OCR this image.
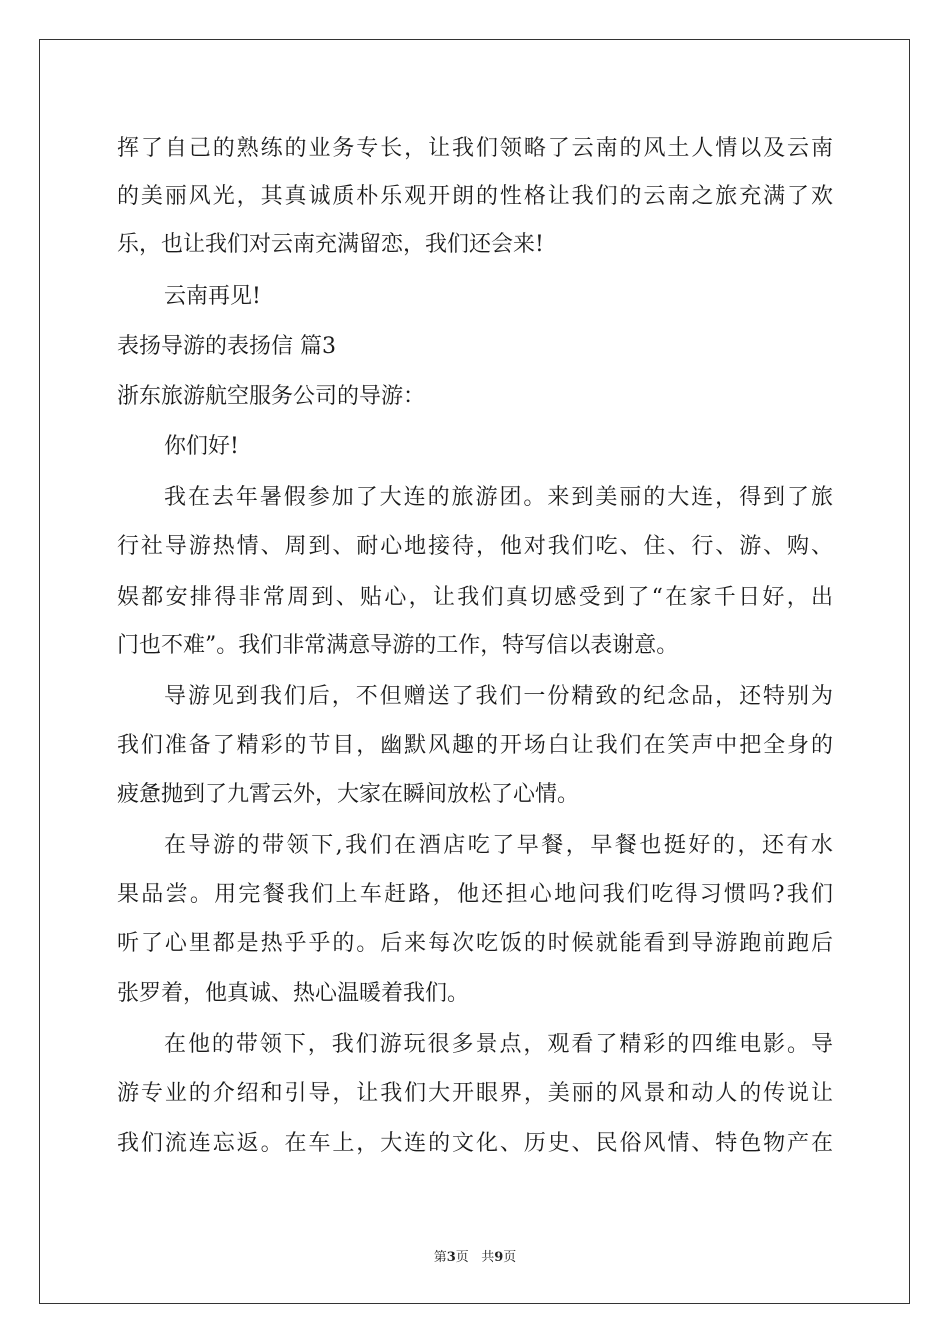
挥了自己的熟练的业务专长，让我们领略了云南的风土人情以及云南
的美丽风光，其真诚质朴乐观开朗的性格让我们的云南之旅充满了欢
乐，也让我们对云南充满留恋，我们还会来!
云南再见!
表扬导游的表扬信 篇3
浙东旅游航空服务公司的导游：
你们好!
我在去年暑假参加了大连的旅游团。来到美丽的大连，得到了旅
行社导游热情、周到、耐心地接待，他对我们吃、住、行、游、购、
娱都安排得非常周到、贴心，让我们真切感受到了“在家千日好，出
门也不难”。我们非常满意导游的工作，特写信以表谢意。
导游见到我们后，不但赠送了我们一份精致的纪念品，还特别为
我们准备了精彩的节目，幽默风趣的开场白让我们在笑声中把全身的
疲惫抛到了九霄云外，大家在瞬间放松了心情。
在导游的带领下,我们在酒店吃了早餐，早餐也挺好的，还有水
果品尝。用完餐我们上车赶路，他还担心地问我们吃得习惯吗?我们
听了心里都是热乎乎的。后来每次吃饭的时候就能看到导游跑前跑后
张罗着，他真诚、热心温暖着我们。
在他的带领下，我们游玩很多景点，观看了精彩的四维电影。导
游专业的介绍和引导，让我们大开眼界，美丽的风景和动人的传说让
我们流连忘返。在车上，大连的文化、历史、民俗风情、特色物产在
第3页 共9页
